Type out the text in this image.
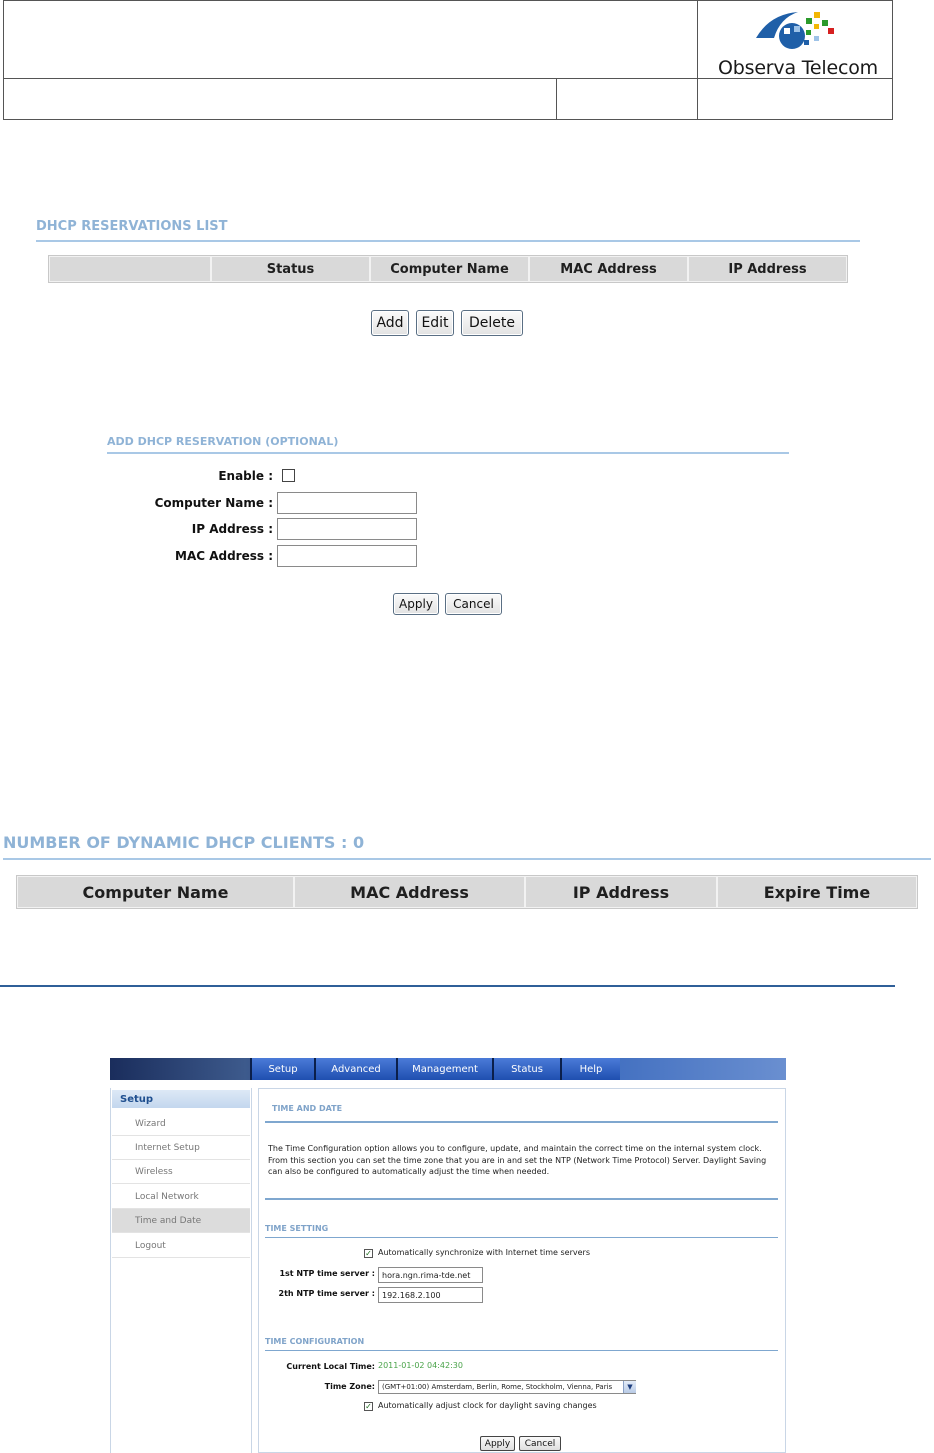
Observa Telecom
DHCP RESERVATIONS LIST
Status	Computer Name	MAC Address	IP Address
Add	Edit	Delete
ADD DHCP RESERVATION (OPTIONAL)
Enable :
Computer Name :
IP Address :
MAC Address :
Apply	Cancel
NUMBER OF DYNAMIC DHCP CLIENTS : 0
Computer Name	MAC Address	IP Address	Expire Time
Setup	Advanced	Management	Status	Help
Setup
Wizard
Internet Setup
Wireless
Local Network
Time and Date
Logout
TIME AND DATE
The Time Configuration option allows you to configure, update, and maintain the correct time on the internal system clock. From this section you can set the time zone that you are in and set the NTP (Network Time Protocol) Server. Daylight Saving can also be configured to automatically adjust the time when needed.
TIME SETTING
✓ Automatically synchronize with Internet time servers
1st NTP time server : hora.ngn.rima-tde.net
2th NTP time server : 192.168.2.100
TIME CONFIGURATION
Current Local Time: 2011-01-02 04:42:30
Time Zone: (GMT+01:00) Amsterdam, Berlin, Rome, Stockholm, Vienna, Paris	▼
✓ Automatically adjust clock for daylight saving changes
Apply	Cancel
